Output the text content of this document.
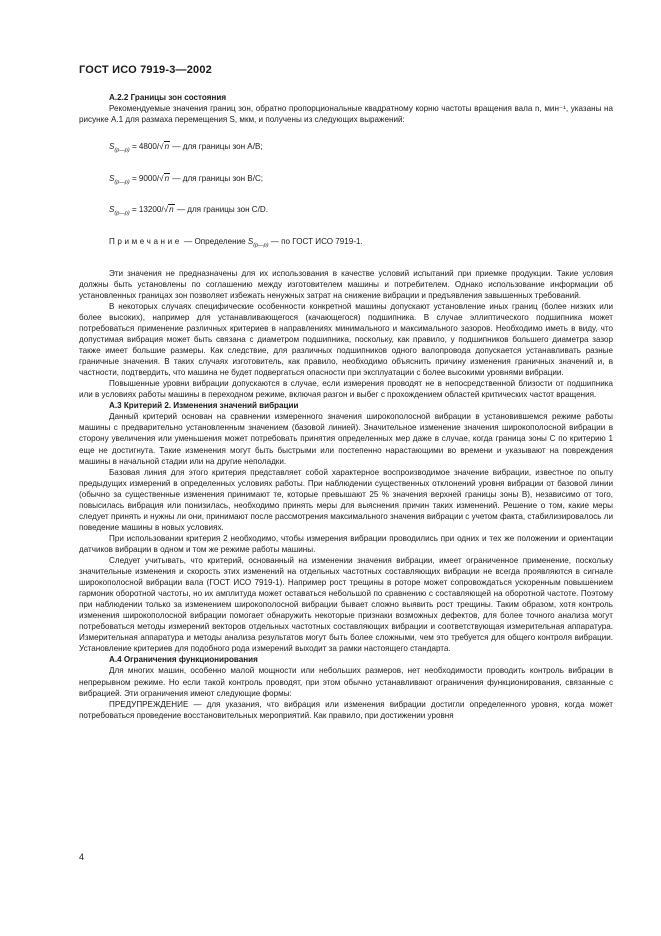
ГОСТ ИСО 7919-3—2002
А.2.2 Границы зон состояния

Рекомендуемые значения границ зон, обратно пропорциональные квадратному корню частоты вращения вала n, мин⁻¹, указаны на рисунке А.1 для размаха перемещения S, мкм, и получены из следующих выражений:

$S_{(p—p)} = 4800/√n$ — для границы зон А/В;
$S_{(p—p)} = 9000/√n$ — для границы зон В/С;
$S_{(p—p)} = 13200/√n$ — для границы зон С/D.
Примечание — Определение $S_{(p—p)}$ — по ГОСТ ИСО 7919-1.

Эти значения не предназначены для их использования в качестве условий испытаний при приемке продукции. Такие условия должны быть установлены по соглашению между изготовителем машины и потребителем. Однако использование информации об установленных границах зон позволяет избежать ненужных затрат на снижение вибрации и предъявления завышенных требований.

В некоторых случаях специфические особенности конкретной машины допускают установление иных границ (более низких или более высоких), например для устанавливающегося (качающегося) подшипника. В случае эллиптического подшипника может потребоваться применение различных критериев в направлениях минимального и максимального зазоров. Необходимо иметь в виду, что допустимая вибрация может быть связана с диаметром подшипника, поскольку, как правило, у подшипников большего диаметра зазор также имеет большие размеры. Как следствие, для различных подшипников одного валопровода допускается устанавливать разные граничные значения. В таких случаях изготовитель, как правило, необходимо объяснить причину изменения граничных значений и, в частности, подтвердить, что машина не будет подвергаться опасности при эксплуатации с более высокими уровнями вибрации.

Повышенные уровни вибрации допускаются в случае, если измерения проводят не в непосредственной близости от подшипника или в условиях работы машины в переходном режиме, включая разгон и выбег с прохождением областей критических частот вращения.

А.3 Критерий 2. Изменения значений вибрации

Данный критерий основан на сравнении измеренного значения широкополосной вибрации в установившемся режиме работы машины с предварительно установленным значением (базовой линией). Значительное изменение значения широкополосной вибрации в сторону увеличения или уменьшения может потребовать принятия определенных мер даже в случае, когда граница зоны С по критерию 1 еще не достигнута. Такие изменения могут быть быстрыми или постепенно нарастающими во времени и указывают на повреждения машины в начальной стадии или на другие неполадки.

Базовая линия для этого критерия представляет собой характерное воспроизводимое значение вибрации, известное по опыту предыдущих измерений в определенных условиях работы. При наблюдении существенных отклонений уровня вибрации от базовой линии (обычно за существенные изменения принимают те, которые превышают 25 % значения верхней границы зоны В), независимо от того, повысилась вибрация или понизилась, необходимо принять меры для выяснения причин таких изменений. Решение о том, какие меры следует принять и нужны ли они, принимают после рассмотрения максимального значения вибрации с учетом факта, стабилизировалось ли поведение машины в новых условиях.

При использовании критерия 2 необходимо, чтобы измерения вибрации проводились при одних и тех же положении и ориентации датчиков вибрации в одном и том же режиме работы машины.

Следует учитывать, что критерий, основанный на изменении значения вибрации, имеет ограниченное применение, поскольку значительные изменения и скорость этих изменений на отдельных частотных составляющих вибрации не всегда проявляются в сигнале широкополосной вибрации вала (ГОСТ ИСО 7919-1). Например рост трещины в роторе может сопровождаться ускоренным повышением гармоник оборотной частоты, но их амплитуда может оставаться небольшой по сравнению с составляющей на оборотной частоте. Поэтому при наблюдении только за изменением широкополосной вибрации бывает сложно выявить рост трещины. Таким образом, хотя контроль изменения широкополосной вибрации помогает обнаружить некоторые признаки возможных дефектов, для более точного анализа могут потребоваться методы измерений векторов отдельных частотных составляющих вибрации и соответствующая измерительная аппаратура. Измерительная аппаратура и методы анализа результатов могут быть более сложными, чем это требуется для общего контроля вибрации. Установление критериев для подобного рода измерений выходит за рамки настоящего стандарта.

А.4 Ограничения функционирования

Для многих машин, особенно малой мощности или небольших размеров, нет необходимости проводить контроль вибрации в непрерывном режиме. Но если такой контроль проводят, при этом обычно устанавливают ограничения функционирования, связанные с вибрацией. Эти ограничения имеют следующие формы:

ПРЕДУПРЕЖДЕНИЕ — для указания, что вибрация или изменения вибрации достигли определенного уровня, когда может потребоваться проведение восстановительных мероприятий. Как правило, при достижении уровня

4
